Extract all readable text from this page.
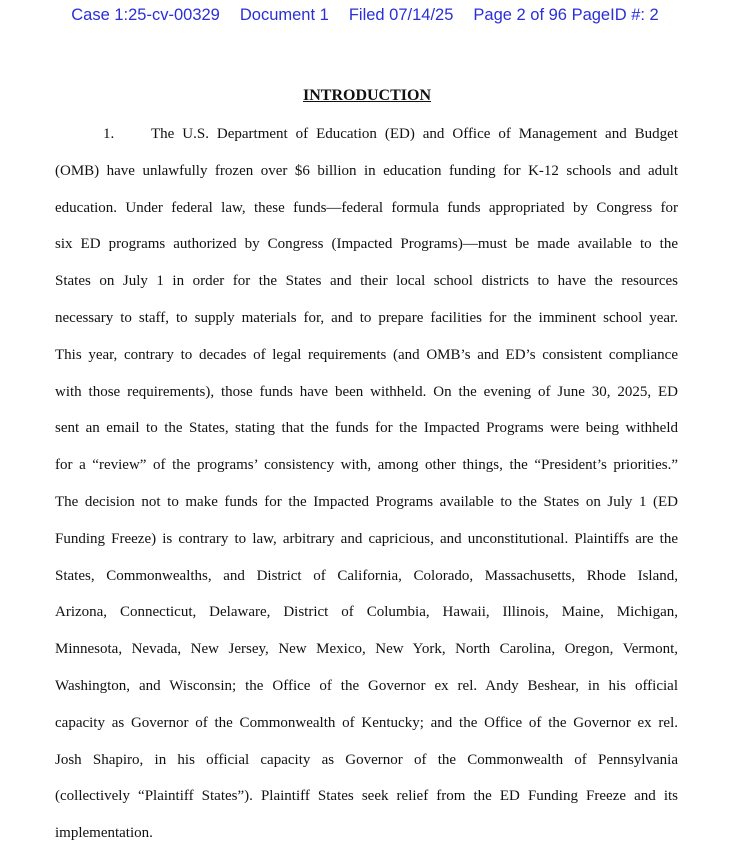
Case 1:25-cv-00329 Document 1 Filed 07/14/25 Page 2 of 96 PageID #: 2
INTRODUCTION
1. The U.S. Department of Education (ED) and Office of Management and Budget
(OMB) have unlawfully frozen over $6 billion in education funding for K-12 schools and adult
education. Under federal law, these funds—federal formula funds appropriated by Congress for
six ED programs authorized by Congress (Impacted Programs)—must be made available to the
States on July 1 in order for the States and their local school districts to have the resources
necessary to staff, to supply materials for, and to prepare facilities for the imminent school year.
This year, contrary to decades of legal requirements (and OMB’s and ED’s consistent compliance
with those requirements), those funds have been withheld. On the evening of June 30, 2025, ED
sent an email to the States, stating that the funds for the Impacted Programs were being withheld
for a “review” of the programs’ consistency with, among other things, the “President’s priorities.”
The decision not to make funds for the Impacted Programs available to the States on July 1 (ED
Funding Freeze) is contrary to law, arbitrary and capricious, and unconstitutional. Plaintiffs are the
States, Commonwealths, and District of California, Colorado, Massachusetts, Rhode Island,
Arizona, Connecticut, Delaware, District of Columbia, Hawaii, Illinois, Maine, Michigan,
Minnesota, Nevada, New Jersey, New Mexico, New York, North Carolina, Oregon, Vermont,
Washington, and Wisconsin; the Office of the Governor ex rel. Andy Beshear, in his official
capacity as Governor of the Commonwealth of Kentucky; and the Office of the Governor ex rel.
Josh Shapiro, in his official capacity as Governor of the Commonwealth of Pennsylvania
(collectively “Plaintiff States”). Plaintiff States seek relief from the ED Funding Freeze and its
implementation.
